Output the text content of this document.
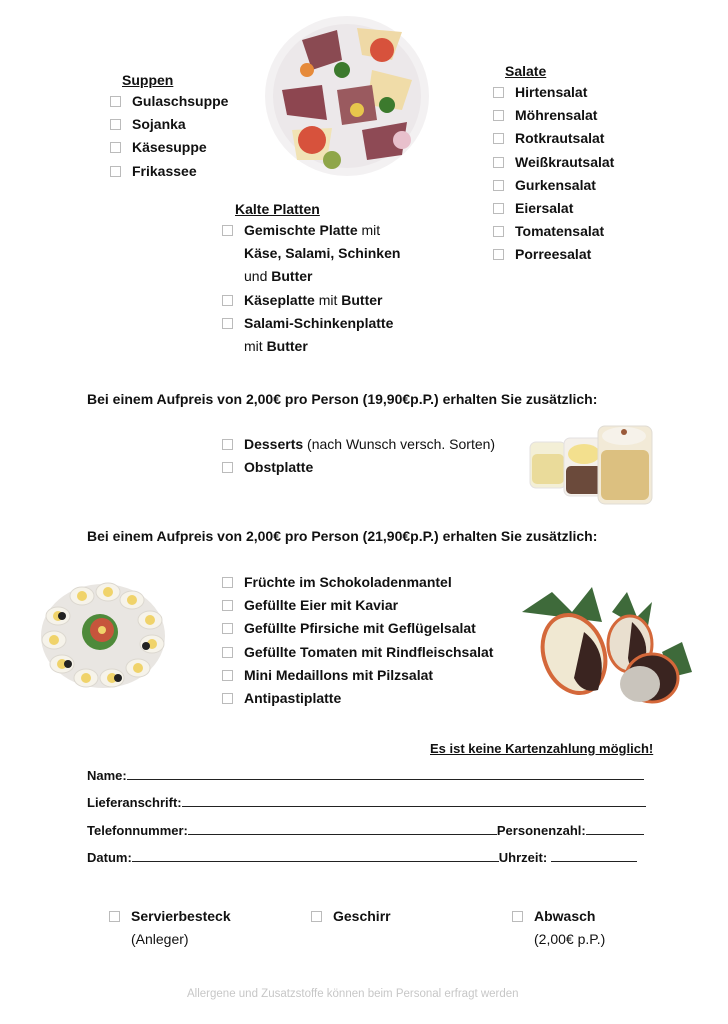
Suppen
Gulaschsuppe
Sojanka
Käsesuppe
Frikassee
Salate
Hirtensalat
Möhrensalat
Rotkrautsalat
Weißkrautsalat
Gurkensalat
Eiersalat
Tomatensalat
Porreesalat
Kalte Platten
Gemischte Platte mit
Käse, Salami, Schinken
und Butter
Käseplatte mit Butter
Salami-Schinkenplatte
mit Butter
Bei einem Aufpreis von 2,00€ pro Person (19,90€p.P.) erhalten Sie zusätzlich:
Desserts (nach Wunsch versch. Sorten)
Obstplatte
Bei einem Aufpreis von 2,00€ pro Person (21,90€p.P.) erhalten Sie zusätzlich:
Früchte im Schokoladenmantel
Gefüllte Eier mit Kaviar
Gefüllte Pfirsiche mit Geflügelsalat
Gefüllte Tomaten mit Rindfleischsalat
Mini Medaillons mit Pilzsalat
Antipastiplatte
Es ist keine Kartenzahlung möglich!
Name:
Lieferanschrift:
Telefonnummer:	Personenzahl:
Datum:	Uhrzeit:
Servierbesteck
(Anleger)
Geschirr	Abwasch
(2,00€ p.P.)
Allergene und Zusatzstoffe können beim Personal erfragt werden
